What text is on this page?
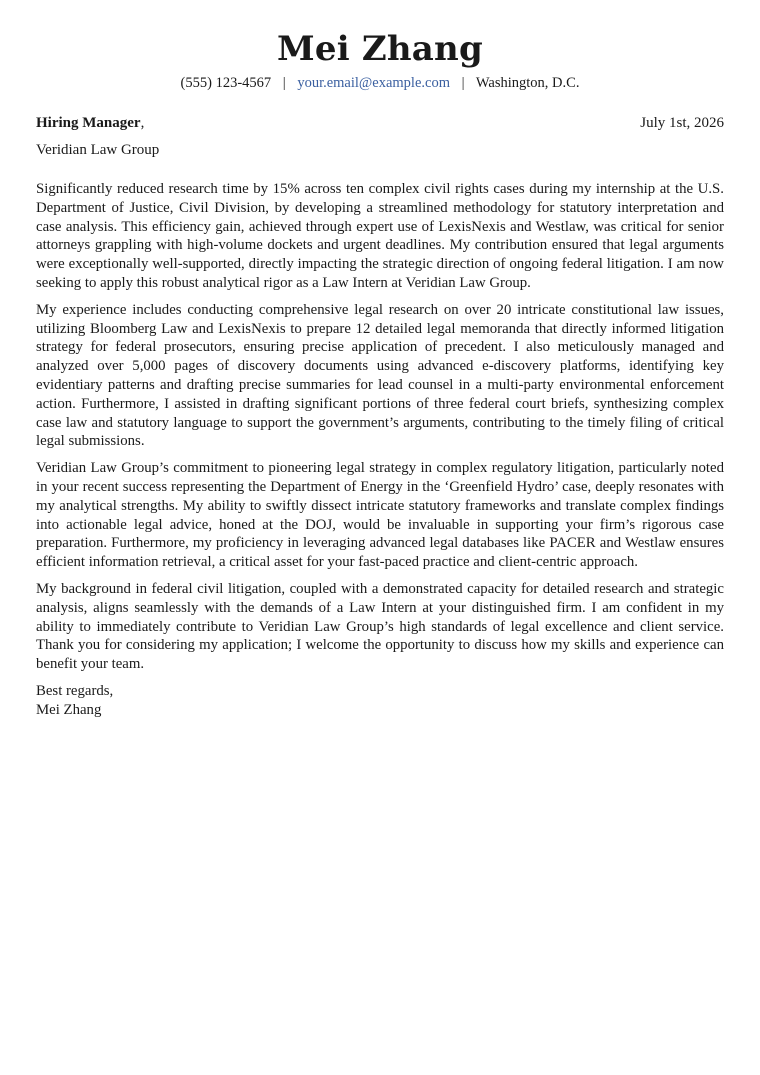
Mei Zhang
(555) 123-4567 | your.email@example.com | Washington, D.C.
Hiring Manager,	July 1st, 2026
Veridian Law Group

Significantly reduced research time by 15% across ten complex civil rights cases during my internship at the U.S. Department of Justice, Civil Division, by developing a streamlined methodology for statutory interpretation and case analysis. This efficiency gain, achieved through expert use of LexisNexis and Westlaw, was critical for senior attorneys grappling with high-volume dockets and urgent deadlines. My contribution ensured that legal arguments were exceptionally well-supported, directly impacting the strategic direction of ongoing federal litigation. I am now seeking to apply this robust analytical rigor as a Law Intern at Veridian Law Group.

My experience includes conducting comprehensive legal research on over 20 intricate constitutional law issues, utilizing Bloomberg Law and LexisNexis to prepare 12 detailed legal memoranda that directly informed litigation strategy for federal prosecutors, ensuring precise application of precedent. I also meticulously managed and analyzed over 5,000 pages of discovery documents using advanced e-discovery platforms, identifying key evidentiary patterns and drafting precise summaries for lead counsel in a multi-party environmental enforcement action. Furthermore, I assisted in drafting significant portions of three federal court briefs, synthesizing complex case law and statutory language to support the government’s arguments, contributing to the timely filing of critical legal submissions.

Veridian Law Group’s commitment to pioneering legal strategy in complex regulatory litigation, particularly noted in your recent success representing the Department of Energy in the ‘Greenfield Hydro’ case, deeply resonates with my analytical strengths. My ability to swiftly dissect intricate statutory frameworks and translate complex findings into actionable legal advice, honed at the DOJ, would be invaluable in supporting your firm’s rigorous case preparation. Furthermore, my proficiency in leveraging advanced legal databases like PACER and Westlaw ensures efficient information retrieval, a critical asset for your fast-paced practice and client-centric approach.

My background in federal civil litigation, coupled with a demonstrated capacity for detailed research and strategic analysis, aligns seamlessly with the demands of a Law Intern at your distinguished firm. I am confident in my ability to immediately contribute to Veridian Law Group’s high standards of legal excellence and client service. Thank you for considering my application; I welcome the opportunity to discuss how my skills and experience can benefit your team.

Best regards,
Mei Zhang
